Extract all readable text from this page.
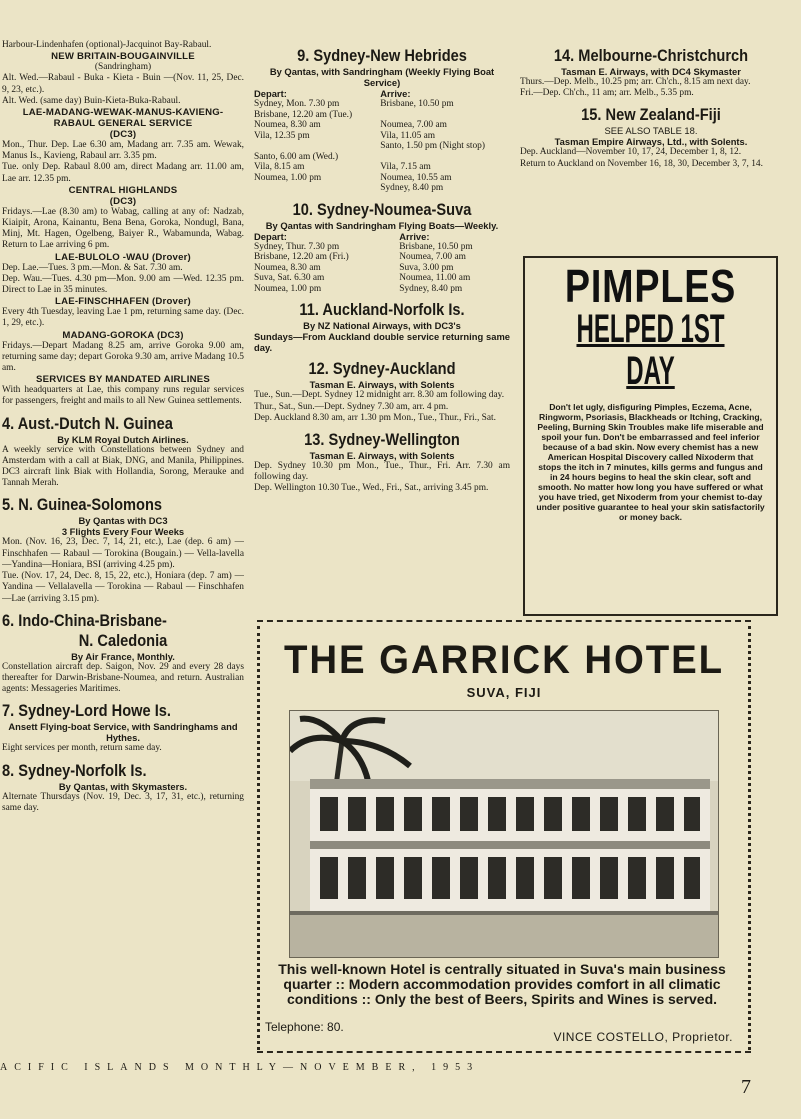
Harbour-Lindenhafen (optional)-Jacquinot Bay-Rabaul.

NEW BRITAIN-BOUGAINVILLE

(Sandringham)

Alt. Wed.—Rabaul - Buka - Kieta - Buin —(Nov. 11, 25, Dec. 9, 23, etc.).

Alt. Wed. (same day) Buin-Kieta-Buka-Rabaul.

LAE-MADANG-WEWAK-MANUS-KAVIENG-RABAUL GENERAL SERVICE

(DC3)

Mon., Thur. Dep. Lae 6.30 am, Madang arr. 7.35 am. Wewak, Manus Is., Kavieng, Rabaul arr. 3.35 pm.

Tue. only Dep. Rabaul 8.00 am, direct Madang arr. 11.00 am, Lae arr. 12.35 pm.

CENTRAL HIGHLANDS

(DC3)

Fridays.—Lae (8.30 am) to Wabag, calling at any of: Nadzab, Kiaipit, Arona, Kainantu, Bena Bena, Goroka, Nondugl, Bana, Minj, Mt. Hagen, Ogelbeng, Baiyer R., Wabamunda, Wabag. Return to Lae arriving 6 pm.

LAE-BULOLO -WAU (Drover)

Dep. Lae.—Tues. 3 pm.—Mon. & Sat. 7.30 am.

Dep. Wau.—Tues. 4.30 pm—Mon. 9.00 am —Wed. 12.35 pm. Direct to Lae in 35 minutes.

LAE-FINSCHHAFEN (Drover)

Every 4th Tuesday, leaving Lae 1 pm, returning same day. (Dec. 1, 29, etc.).

MADANG-GOROKA (DC3)

Fridays.—Depart Madang 8.25 am, arrive Goroka 9.00 am, returning same day; depart Goroka 9.30 am, arrive Madang 10.5 am.

SERVICES BY MANDATED AIRLINES

With headquarters at Lae, this company runs regular services for passengers, freight and mails to all New Guinea settlements.

4. Aust.-Dutch N. Guinea

By KLM Royal Dutch Airlines.

A weekly service with Constellations between Sydney and Amsterdam with a call at Biak, DNG, and Manila, Philippines. DC3 aircraft link Biak with Hollandia, Sorong, Merauke and Tannah Merah.

5. N. Guinea-Solomons

By Qantas with DC3

3 Flights Every Four Weeks

Mon. (Nov. 16, 23, Dec. 7, 14, 21, etc.), Lae (dep. 6 am) — Finschhafen — Rabaul — Torokina (Bougain.) — Vella-lavella—Yandina—Honiara, BSI (arriving 4.25 pm).

Tue. (Nov. 17, 24, Dec. 8, 15, 22, etc.), Honiara (dep. 7 am) — Yandina — Vellalavella — Torokina — Rabaul — Finschhafen—Lae (arriving 3.15 pm).

6. Indo-China-Brisbane-

N. Caledonia

By Air France, Monthly.

Constellation aircraft dep. Saigon, Nov. 29 and every 28 days thereafter for Darwin-Brisbane-Noumea, and return. Australian agents: Messageries Maritimes.

7. Sydney-Lord Howe Is.

Ansett Flying-boat Service, with Sandringhams and Hythes.

Eight services per month, return same day.

8. Sydney-Norfolk Is.

By Qantas, with Skymasters.

Alternate Thursdays (Nov. 19, Dec. 3, 17, 31, etc.), returning same day.

9. Sydney-New Hebrides

By Qantas, with Sandringham (Weekly Flying Boat Service)

Depart:	Arrive:
Sydney, Mon. 7.30 pm	Brisbane, 10.50 pm
Brisbane, 12.20 am (Tue.)	
Noumea, 8.30 am	Noumea, 7.00 am
Vila, 12.35 pm	Vila, 11.05 am
	Santo, 1.50 pm (Night stop)
Santo, 6.00 am (Wed.)	
Vila, 8.15 am	Vila, 7.15 am
Noumea, 1.00 pm	Noumea, 10.55 am
	Sydney, 8.40 pm

10. Sydney-Noumea-Suva

By Qantas with Sandringham Flying Boats—Weekly.

Depart:	Arrive:
Sydney, Thur. 7.30 pm	Brisbane, 10.50 pm
Brisbane, 12.20 am (Fri.)	Noumea, 7.00 am
Noumea, 8.30 am	Suva, 3.00 pm
Suva, Sat. 6.30 am	Noumea, 11.00 am
Noumea, 1.00 pm	Sydney, 8.40 pm

11. Auckland-Norfolk Is.

By NZ National Airways, with DC3's

Sundays—From Auckland double service returning same day.

12. Sydney-Auckland

Tasman E. Airways, with Solents

Tue., Sun.—Dept. Sydney 12 midnight arr. 8.30 am following day.

Thur., Sat., Sun.—Dept. Sydney 7.30 am, arr. 4 pm.

Dep. Auckland 8.30 am, arr 1.30 pm Mon., Tue., Thur., Fri., Sat.

13. Sydney-Wellington

Tasman E. Airways, with Solents

Dep. Sydney 10.30 pm Mon., Tue., Thur., Fri. Arr. 7.30 am following day.

Dep. Wellington 10.30 Tue., Wed., Fri., Sat., arriving 3.45 pm.

14. Melbourne-Christchurch

Tasman E. Airways, with DC4 Skymaster

Thurs.—Dep. Melb., 10.25 pm; arr. Ch'ch., 8.15 am next day.

Fri.—Dep. Ch'ch., 11 am; arr. Melb., 5.35 pm.

15. New Zealand-Fiji

SEE ALSO TABLE 18.

Tasman Empire Airways, Ltd., with Solents.

Dep. Auckland—November 10, 17, 24, December 1, 8, 12.

Return to Auckland on November 16, 18, 30, December 3, 7, 14.

PIMPLES
HELPED 1ST DAY
Don't let ugly, disfiguring Pimples, Eczema, Acne, Ringworm, Psoriasis, Blackheads or Itching, Cracking, Peeling, Burning Skin Troubles make life miserable and spoil your fun. Don't be embarrassed and feel inferior because of a bad skin. Now every chemist has a new American Hospital Discovery called Nixoderm that stops the itch in 7 minutes, kills germs and fungus and in 24 hours begins to heal the skin clear, soft and smooth. No matter how long you have suffered or what you have tried, get Nixoderm from your chemist to-day under positive guarantee to heal your skin satisfactorily or money back.
THE GARRICK HOTEL
SUVA, FIJI
This well-known Hotel is centrally situated in Suva's main business quarter :: Modern accommodation provides comfort in all climatic conditions :: Only the best of Beers, Spirits and Wines is served.
Telephone: 80.
VINCE COSTELLO, Proprietor.
ACIFIC ISLANDS MONTHLY—NOVEMBER, 1953
7
